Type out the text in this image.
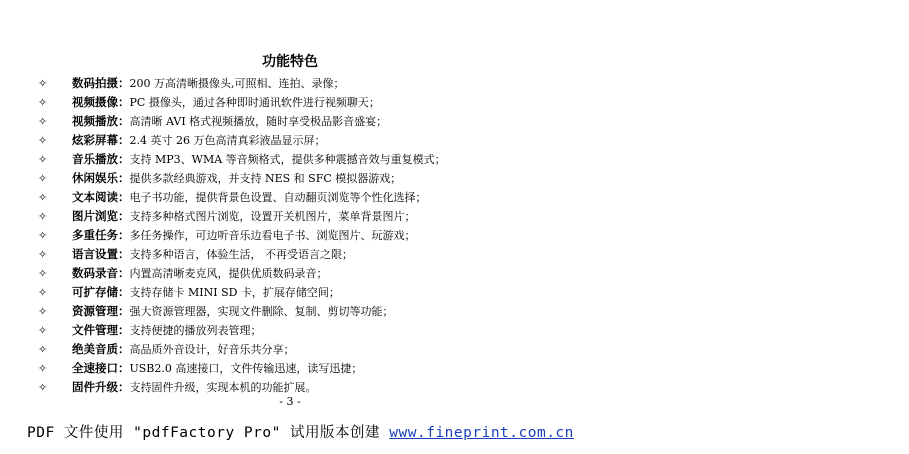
功能特色
✧	数码拍摄： 200 万高清晰摄像头,可照相、连拍、录像；
✧	视频摄像： PC 摄像头，通过各种即时通讯软件进行视频聊天；
✧	视频播放： 高清晰 AVI 格式视频播放，随时享受极品影音盛宴；
✧	炫彩屏幕： 2.4 英寸 26 万色高清真彩液晶显示屏；
✧	音乐播放： 支持 MP3、WMA 等音频格式，提供多种震撼音效与重复模式；
✧	休闲娱乐： 提供多款经典游戏，并支持 NES 和 SFC 模拟器游戏；
✧	文本阅读： 电子书功能，提供背景色设置、自动翻页浏览等个性化选择；
✧	图片浏览： 支持多种格式图片浏览，设置开关机图片，菜单背景图片；
✧	多重任务： 多任务操作，可边听音乐边看电子书、浏览图片、玩游戏；
✧	语言设置： 支持多种语言，体验生活， 不再受语言之限；
✧	数码录音： 内置高清晰麦克风，提供优质数码录音；
✧	可扩存储： 支持存储卡 MINI SD 卡，扩展存储空间；
✧	资源管理： 强大资源管理器，实现文件删除、复制、剪切等功能；
✧	文件管理： 支持便捷的播放列表管理；
✧	绝美音质： 高品质外音设计，好音乐共分享；
✧	全速接口： USB2.0 高速接口，文件传输迅速，读写迅捷；
✧	固件升级： 支持固件升级，实现本机的功能扩展。
- 3 -
PDF 文件使用 "pdfFactory Pro" 试用版本创建 www.fineprint.com.cn
